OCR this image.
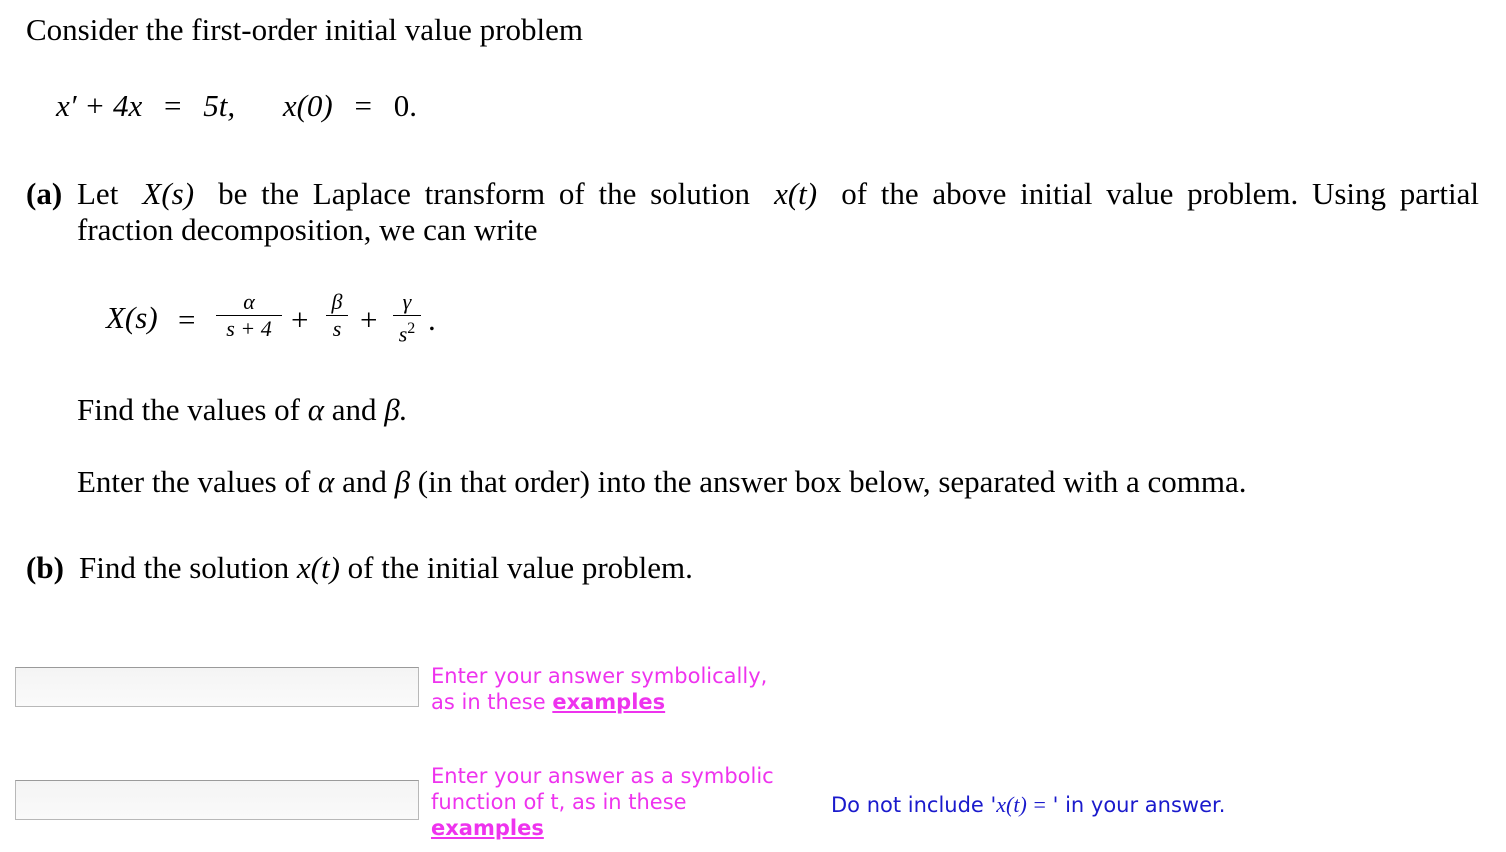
Consider the first-order initial value problem
x′ + 4x = 5t, x(0) = 0.
(a) Let X(s) be the Laplace transform of the solution x(t) of the above initial value problem. Using partial
fraction decomposition, we can write
X(s) =
α
s + 4 +
β
s +
γ
$s^2$ .
Find the values of α and β.
Enter the values of α and β (in that order) into the answer box below, separated with a comma.
(b) Find the solution x(t) of the initial value problem.
Enter your answer symbolically,
as in these examples
Enter your answer as a symbolic
function of t, as in these
examples
Do not include 'x(t) = ' in your answer.
